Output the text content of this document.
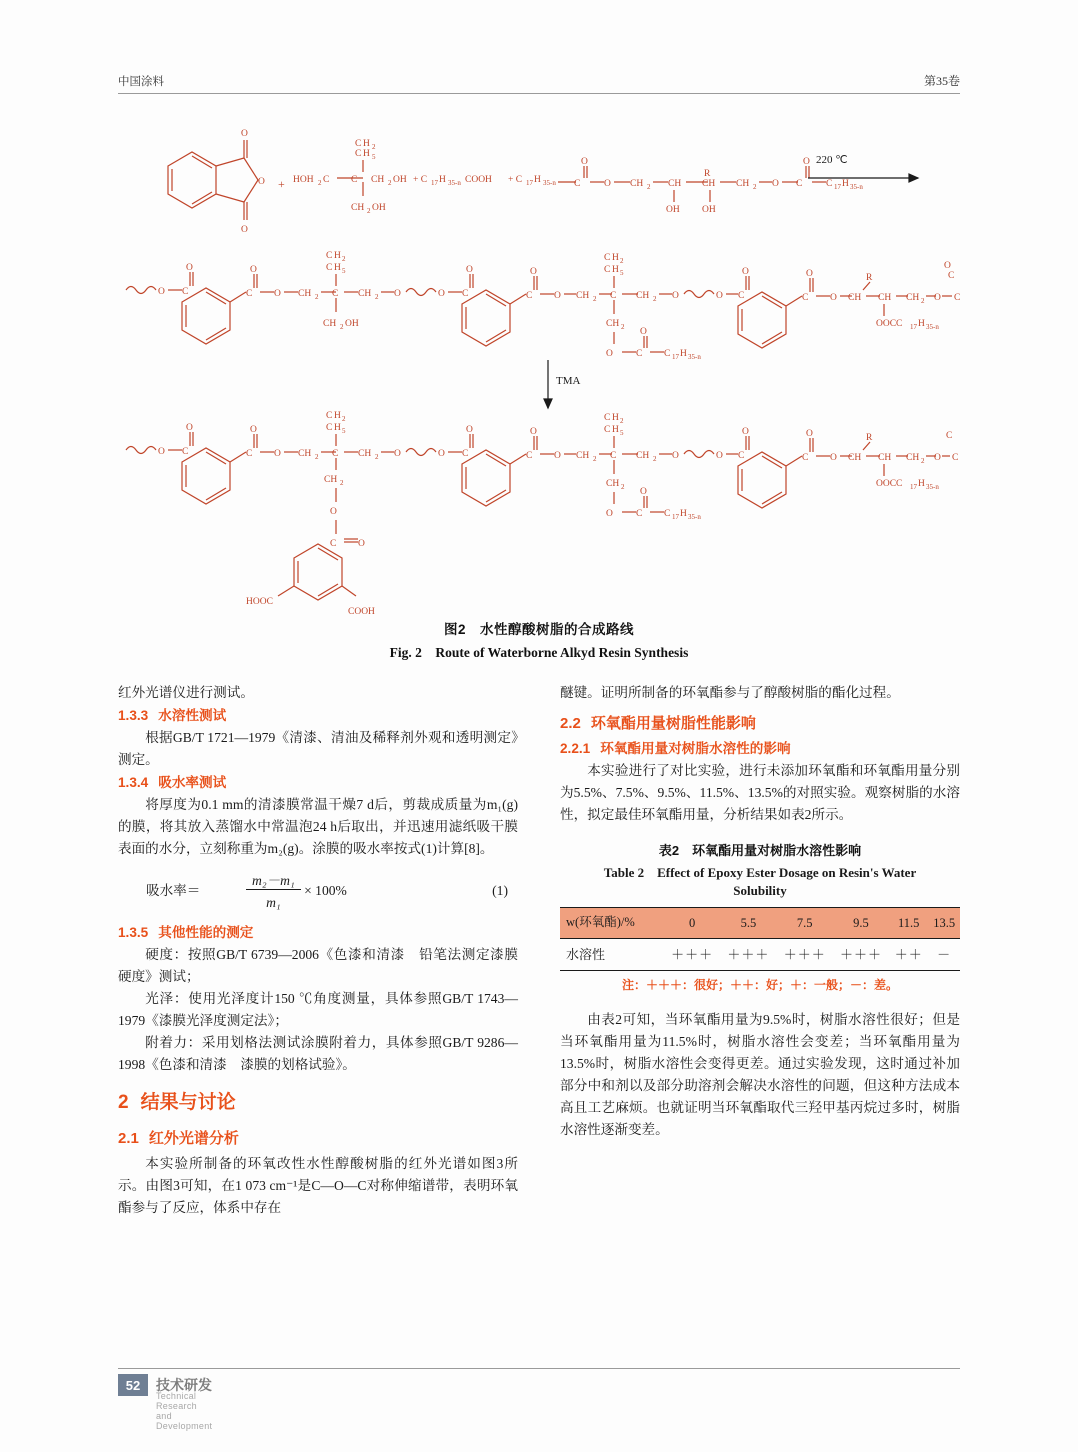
中国涂料	第35卷
O
O
O + HOH 2 C
C H 5
C H 2
C
CH 2 OH
CH 2 OH + C 17 H 35-n COOH + C 17 H 35-n C
O
O CH 2 CH
OH
R
CH
OH
CH 2 O C
O
C 17 H 35-n
220 ℃
O C
O
C
O
O CH 2 C
C H 5
C H 2
CH 2 OH
CH 2 O	O C
O
C
O
O CH 2 C
C H 5
C H 2
CH 2
O C
O
C 17 H 35-n
CH 2 O	O C
O
C
O
O CH
R
CH
OOCC 17 H 35-n
CH 2 O
C
C
O
TMA
O C
O
C
O
O CH 2 C
C H 5
C H 2
CH 2
O
C O
HOOC
COOH
CH 2 O	O C
O
C
O
O CH 2 C
C H 5
C H 2
CH 2
O C
O
C 17 H 35-n
CH 2 O	O C
O
C
O
O CH
R
CH
OOCC 17 H 35-n
CH 2 O
C
C
图2　水性醇酸树脂的合成路线
Fig. 2　Route of Waterborne Alkyd Resin Synthesis

红外光谱仪进行测试。

1.3.3 水溶性测试

根据GB/T 1721—1979《清漆、清油及稀释剂外观和透明测定》测定。

1.3.4 吸水率测试

将厚度为0.1 mm的清漆膜常温干燥7 d后，剪裁成质量为m₁(g)的膜，将其放入蒸馏水中常温泡24 h后取出，并迅速用滤纸吸干膜表面的水分，立刻称重为m₂(g)。涂膜的吸水率按式(1)计算[8]。

吸水率＝	$\frac{\text{m₂－m₁}}{\text{m₁}} \times 100\%$	(1)

1.3.5 其他性能的测定

硬度：按照GB/T 6739—2006《色漆和清漆　铅笔法测定漆膜硬度》测试；

光泽：使用光泽度计150 ℃角度测量，具体参照GB/T 1743—1979《漆膜光泽度测定法》；

附着力：采用划格法测试涂膜附着力，具体参照GB/T 9286—1998《色漆和清漆　漆膜的划格试验》。

2 结果与讨论

2.1 红外光谱分析

本实验所制备的环氧改性水性醇酸树脂的红外光谱如图3所示。由图3可知，在1 073 cm⁻¹是C—O—C对称伸缩谱带，表明环氧酯参与了反应，体系中存在

醚键。证明所制备的环氧酯参与了醇酸树脂的酯化过程。

2.2 环氧酯用量树脂性能影响

2.2.1 环氧酯用量对树脂水溶性的影响

本实验进行了对比实验，进行未添加环氧酯和环氧酯用量分别为5.5%、7.5%、9.5%、11.5%、13.5%的对照实验。观察树脂的水溶性，拟定最佳环氧酯用量，分析结果如表2所示。

表2　环氧酯用量对树脂水溶性影响
Table 2　Effect of Epoxy Ester Dosage on Resin's Water
Solubility
w(环氧酯)/%	0	5.5	7.5	9.5	11.5	13.5
水溶性	＋＋＋	＋＋＋	＋＋＋	＋＋＋	＋＋	－
注：＋＋＋：很好；＋＋：好；＋：一般；－：差。

由表2可知，当环氧酯用量为9.5%时，树脂水溶性很好；但是当环氧酯用量为11.5%时，树脂水溶性会变差；当环氧酯用量为13.5%时，树脂水溶性会变得更差。通过实验发现，这时通过补加部分中和剂以及部分助溶剂会解决水溶性的问题，但这种方法成本高且工艺麻烦。也就证明当环氧酯取代三羟甲基丙烷过多时，树脂水溶性逐渐变差。

52	技术研发
Technical Research and Development
